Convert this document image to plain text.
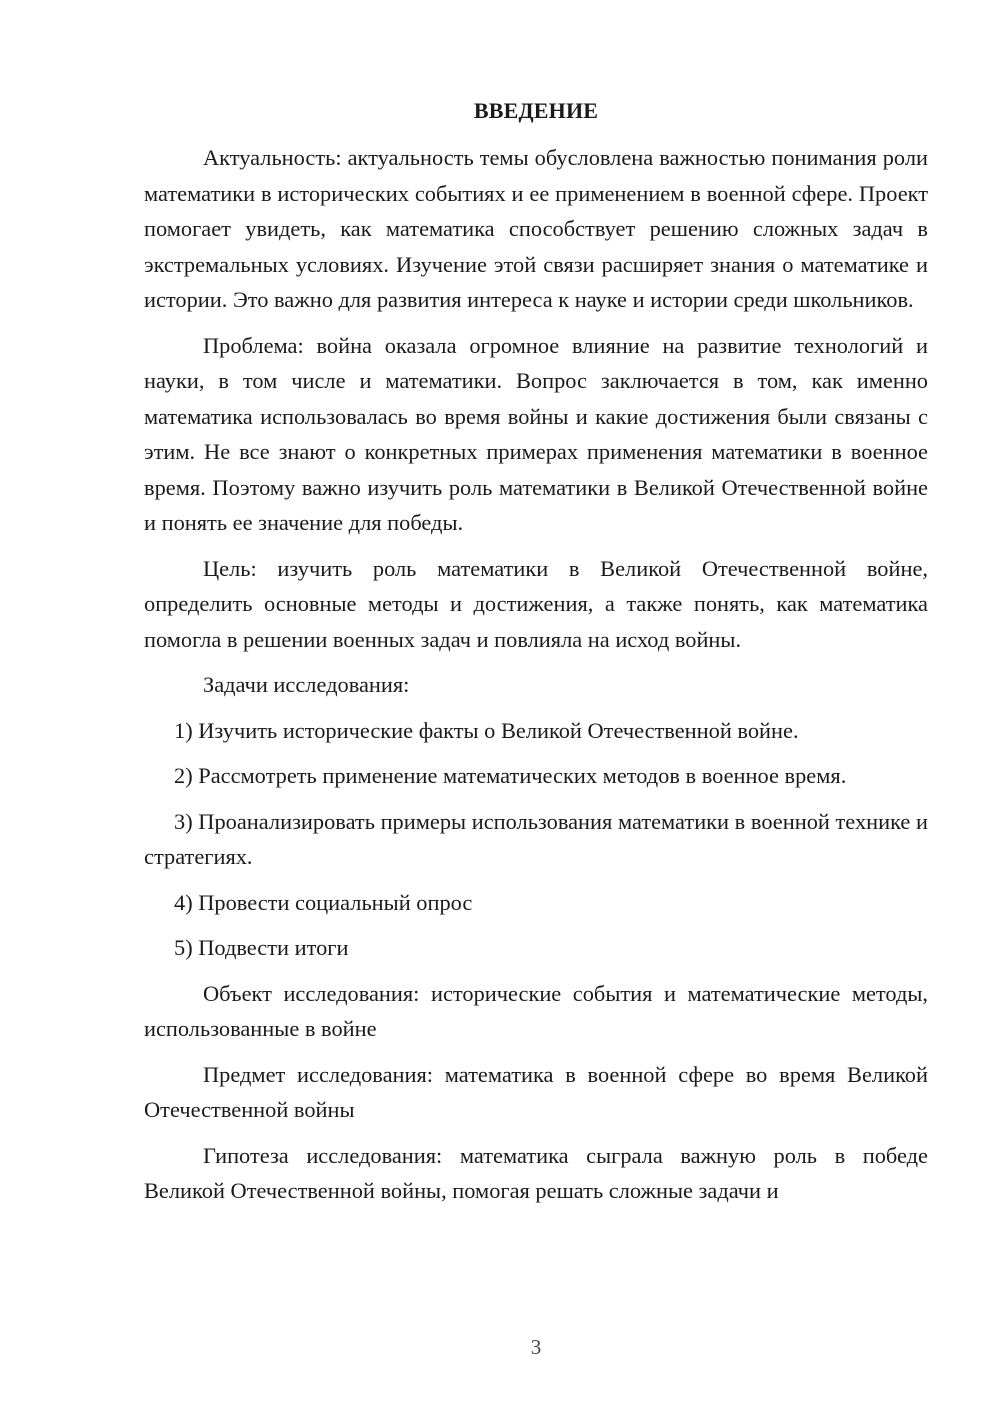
ВВЕДЕНИЕ

Актуальность: актуальность темы обусловлена важностью понимания роли математики в исторических событиях и ее применением в военной сфере. Проект помогает увидеть, как математика способствует решению сложных задач в экстремальных условиях. Изучение этой связи расширяет знания о математике и истории. Это важно для развития интереса к науке и истории среди школьников.

Проблема: война оказала огромное влияние на развитие технологий и науки, в том числе и математики. Вопрос заключается в том, как именно математика использовалась во время войны и какие достижения были связаны с этим. Не все знают о конкретных примерах применения математики в военное время. Поэтому важно изучить роль математики в Великой Отечественной войне и понять ее значение для победы.

Цель: изучить роль математики в Великой Отечественной войне, определить основные методы и достижения, а также понять, как математика помогла в решении военных задач и повлияла на исход войны.

Задачи исследования:

1) Изучить исторические факты о Великой Отечественной войне.

2) Рассмотреть применение математических методов в военное время.

3) Проанализировать примеры использования математики в военной технике и стратегиях.

4) Провести социальный опрос

5) Подвести итоги

Объект исследования: исторические события и математические методы, использованные в войне

Предмет исследования: математика в военной сфере во время Великой Отечественной войны

Гипотеза исследования: математика сыграла важную роль в победе Великой Отечественной войны, помогая решать сложные задачи и

3
